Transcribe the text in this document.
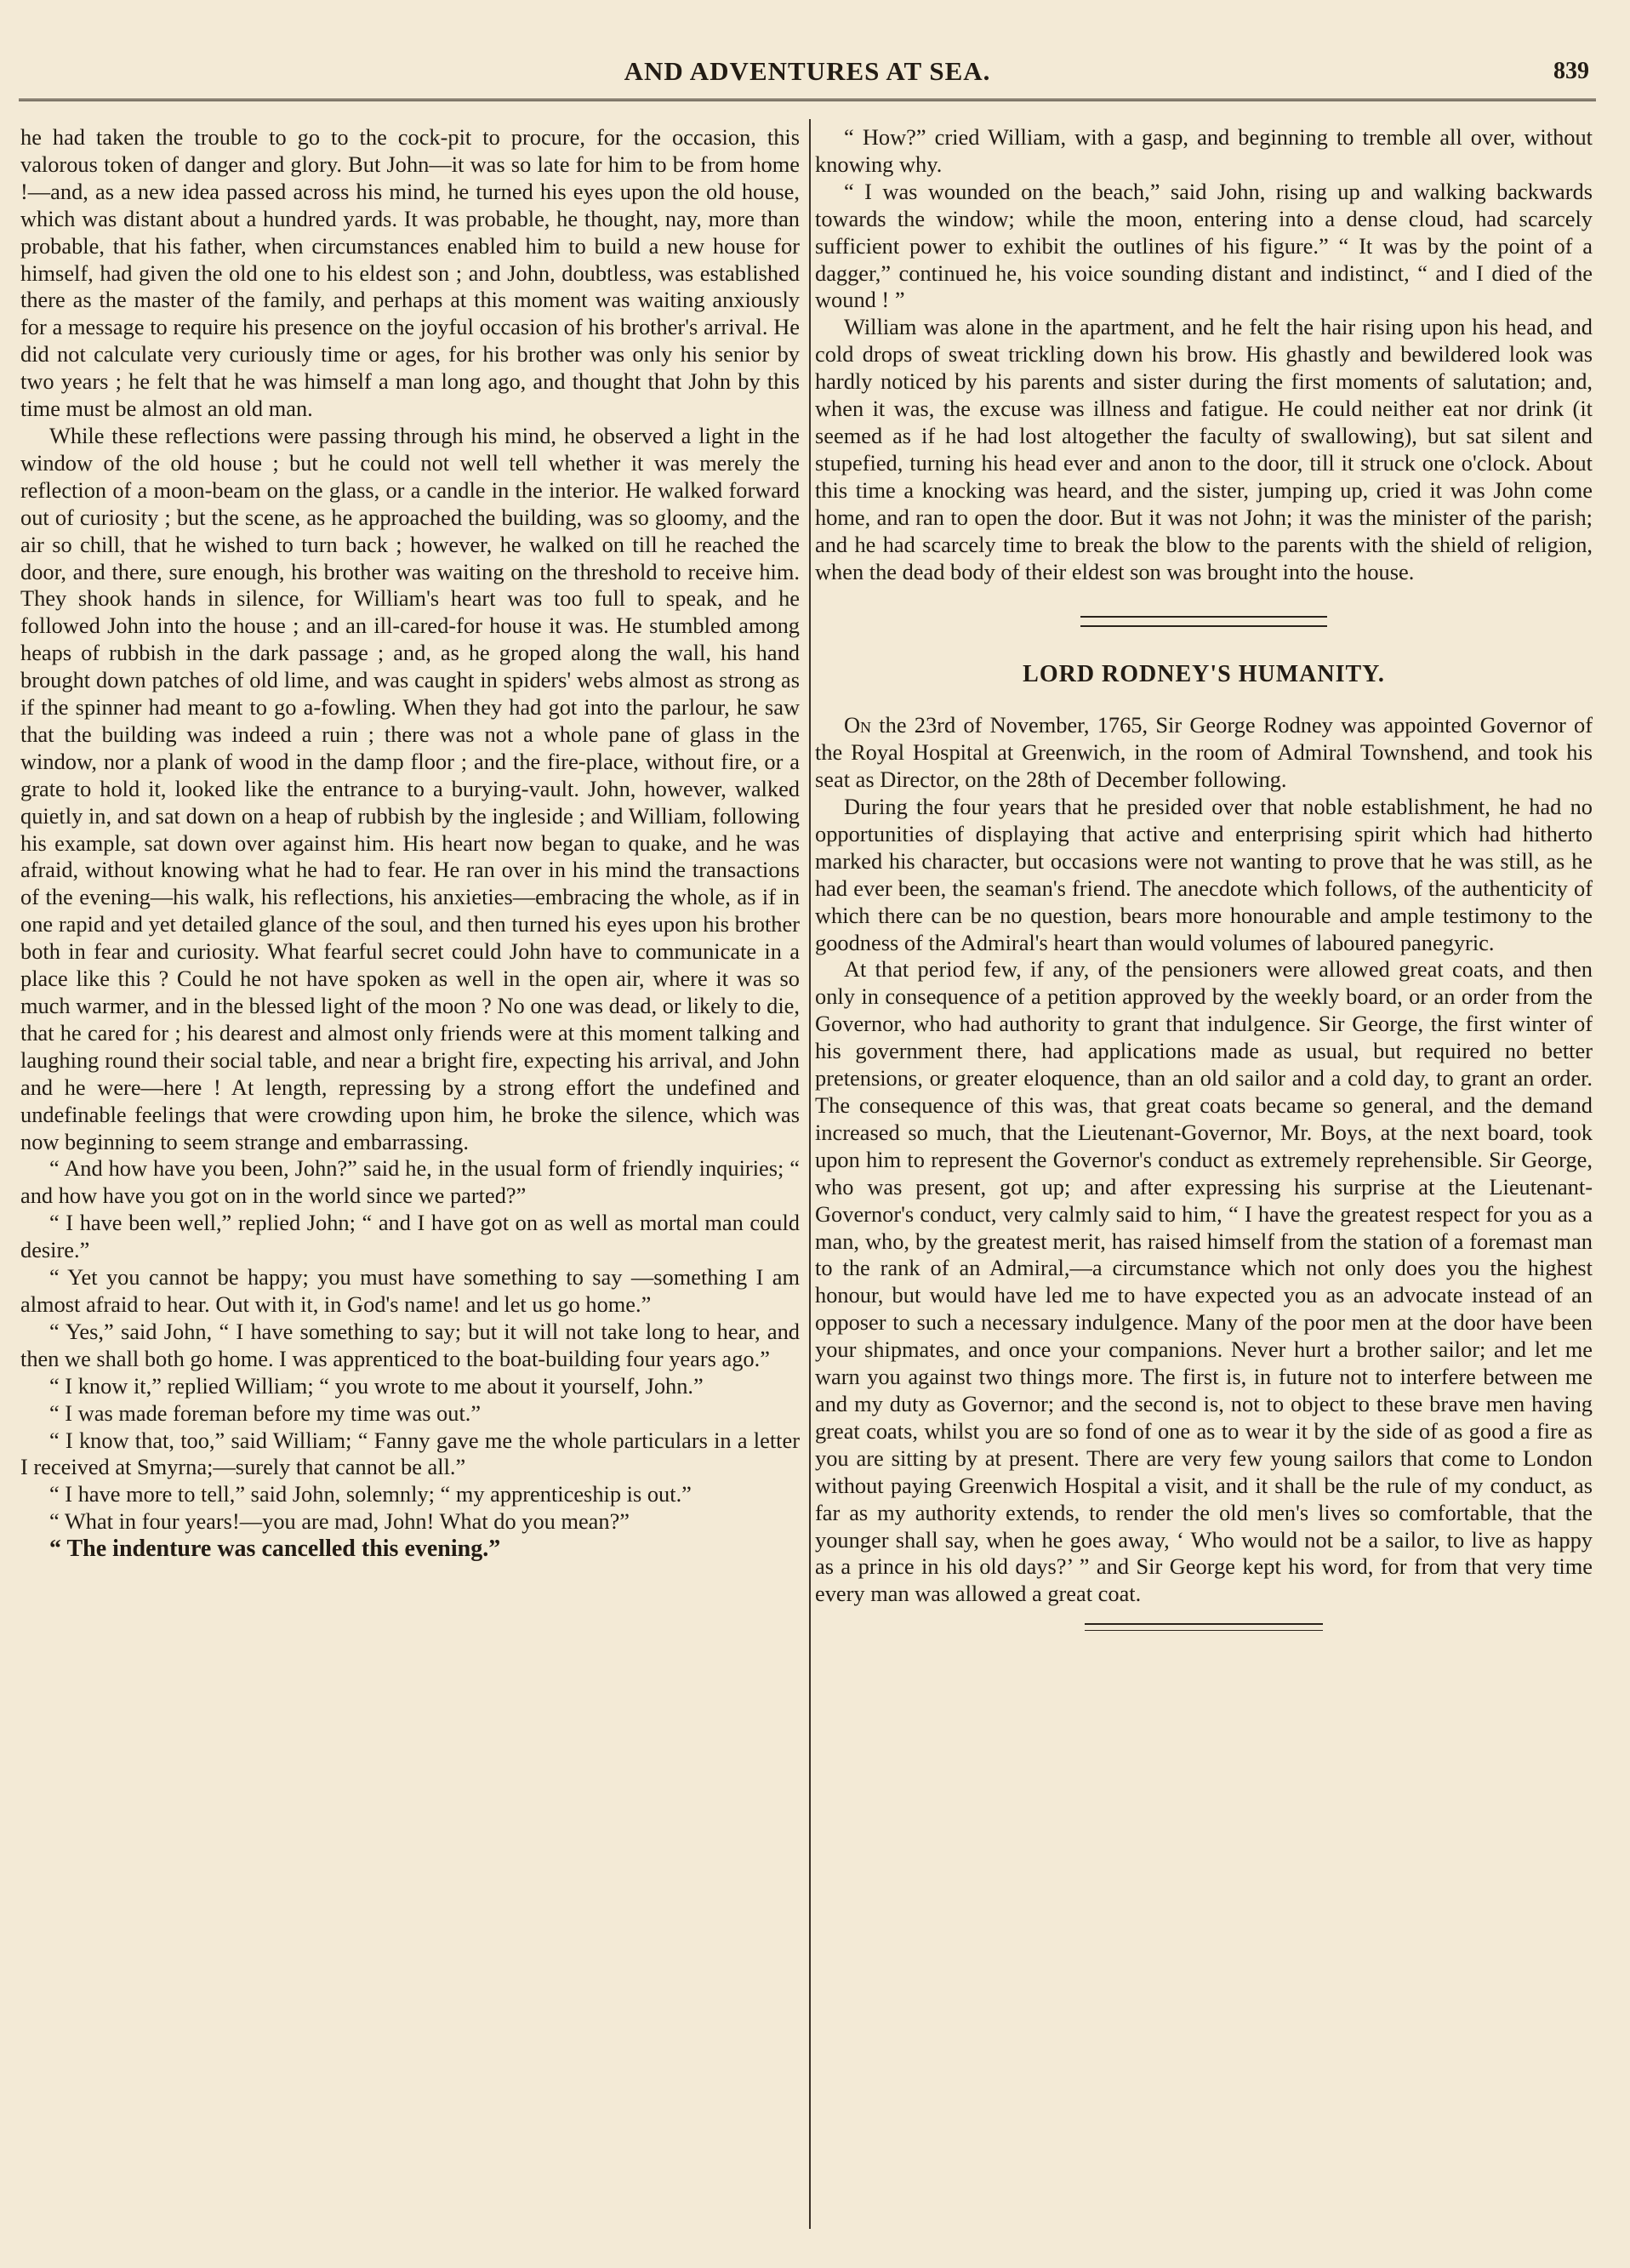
AND ADVENTURES AT SEA.	839

he had taken the trouble to go to the cock-pit to procure, for the occasion, this valorous token of danger and glory. But John—it was so late for him to be from home !—and, as a new idea passed across his mind, he turned his eyes upon the old house, which was distant about a hundred yards. It was probable, he thought, nay, more than probable, that his father, when circumstances enabled him to build a new house for himself, had given the old one to his eldest son ; and John, doubtless, was established there as the master of the family, and perhaps at this moment was waiting anxiously for a message to require his presence on the joyful occasion of his brother's arrival. He did not calculate very curiously time or ages, for his brother was only his senior by two years ; he felt that he was himself a man long ago, and thought that John by this time must be almost an old man.

While these reflections were passing through his mind, he observed a light in the window of the old house ; but he could not well tell whether it was merely the reflection of a moon-beam on the glass, or a candle in the interior. He walked forward out of curiosity ; but the scene, as he approached the building, was so gloomy, and the air so chill, that he wished to turn back ; however, he walked on till he reached the door, and there, sure enough, his brother was waiting on the threshold to receive him. They shook hands in silence, for William's heart was too full to speak, and he followed John into the house ; and an ill-cared-for house it was. He stumbled among heaps of rubbish in the dark passage ; and, as he groped along the wall, his hand brought down patches of old lime, and was caught in spiders' webs almost as strong as if the spinner had meant to go a-fowling. When they had got into the parlour, he saw that the building was indeed a ruin ; there was not a whole pane of glass in the window, nor a plank of wood in the damp floor ; and the fire-place, without fire, or a grate to hold it, looked like the entrance to a burying-vault. John, however, walked quietly in, and sat down on a heap of rubbish by the ingleside ; and William, following his example, sat down over against him. His heart now began to quake, and he was afraid, without knowing what he had to fear. He ran over in his mind the transactions of the evening—his walk, his reflections, his anxieties—embracing the whole, as if in one rapid and yet detailed glance of the soul, and then turned his eyes upon his brother both in fear and curiosity. What fearful secret could John have to communicate in a place like this ? Could he not have spoken as well in the open air, where it was so much warmer, and in the blessed light of the moon ? No one was dead, or likely to die, that he cared for ; his dearest and almost only friends were at this moment talking and laughing round their social table, and near a bright fire, expecting his arrival, and John and he were—here ! At length, repressing by a strong effort the undefined and undefinable feelings that were crowding upon him, he broke the silence, which was now beginning to seem strange and embarrassing.

“ And how have you been, John?” said he, in the usual form of friendly inquiries; “ and how have you got on in the world since we parted?”

“ I have been well,” replied John; “ and I have got on as well as mortal man could desire.”

“ Yet you cannot be happy; you must have something to say —something I am almost afraid to hear. Out with it, in God's name! and let us go home.”

“ Yes,” said John, “ I have something to say; but it will not take long to hear, and then we shall both go home. I was apprenticed to the boat-building four years ago.”

“ I know it,” replied William; “ you wrote to me about it yourself, John.”

“ I was made foreman before my time was out.”

“ I know that, too,” said William; “ Fanny gave me the whole particulars in a letter I received at Smyrna;—surely that cannot be all.”

“ I have more to tell,” said John, solemnly; “ my apprenticeship is out.”

“ What in four years!—you are mad, John! What do you mean?”

“ The indenture was cancelled this evening.”

“ How?” cried William, with a gasp, and beginning to tremble all over, without knowing why.

“ I was wounded on the beach,” said John, rising up and walking backwards towards the window; while the moon, entering into a dense cloud, had scarcely sufficient power to exhibit the outlines of his figure.” “ It was by the point of a dagger,” continued he, his voice sounding distant and indistinct, “ and I died of the wound ! ”

William was alone in the apartment, and he felt the hair rising upon his head, and cold drops of sweat trickling down his brow. His ghastly and bewildered look was hardly noticed by his parents and sister during the first moments of salutation; and, when it was, the excuse was illness and fatigue. He could neither eat nor drink (it seemed as if he had lost altogether the faculty of swallowing), but sat silent and stupefied, turning his head ever and anon to the door, till it struck one o'clock. About this time a knocking was heard, and the sister, jumping up, cried it was John come home, and ran to open the door. But it was not John; it was the minister of the parish; and he had scarcely time to break the blow to the parents with the shield of religion, when the dead body of their eldest son was brought into the house.

LORD RODNEY'S HUMANITY.

On the 23rd of November, 1765, Sir George Rodney was appointed Governor of the Royal Hospital at Greenwich, in the room of Admiral Townshend, and took his seat as Director, on the 28th of December following.

During the four years that he presided over that noble establishment, he had no opportunities of displaying that active and enterprising spirit which had hitherto marked his character, but occasions were not wanting to prove that he was still, as he had ever been, the seaman's friend. The anecdote which follows, of the authenticity of which there can be no question, bears more honourable and ample testimony to the goodness of the Admiral's heart than would volumes of laboured panegyric.

At that period few, if any, of the pensioners were allowed great coats, and then only in consequence of a petition approved by the weekly board, or an order from the Governor, who had authority to grant that indulgence. Sir George, the first winter of his government there, had applications made as usual, but required no better pretensions, or greater eloquence, than an old sailor and a cold day, to grant an order. The consequence of this was, that great coats became so general, and the demand increased so much, that the Lieutenant-Governor, Mr. Boys, at the next board, took upon him to represent the Governor's conduct as extremely reprehensible. Sir George, who was present, got up; and after expressing his surprise at the Lieutenant-Governor's conduct, very calmly said to him, “ I have the greatest respect for you as a man, who, by the greatest merit, has raised himself from the station of a foremast man to the rank of an Admiral,—a circumstance which not only does you the highest honour, but would have led me to have expected you as an advocate instead of an opposer to such a necessary indulgence. Many of the poor men at the door have been your shipmates, and once your companions. Never hurt a brother sailor; and let me warn you against two things more. The first is, in future not to interfere between me and my duty as Governor; and the second is, not to object to these brave men having great coats, whilst you are so fond of one as to wear it by the side of as good a fire as you are sitting by at present. There are very few young sailors that come to London without paying Greenwich Hospital a visit, and it shall be the rule of my conduct, as far as my authority extends, to render the old men's lives so comfortable, that the younger shall say, when he goes away, ‘ Who would not be a sailor, to live as happy as a prince in his old days?’ ” and Sir George kept his word, for from that very time every man was allowed a great coat.
